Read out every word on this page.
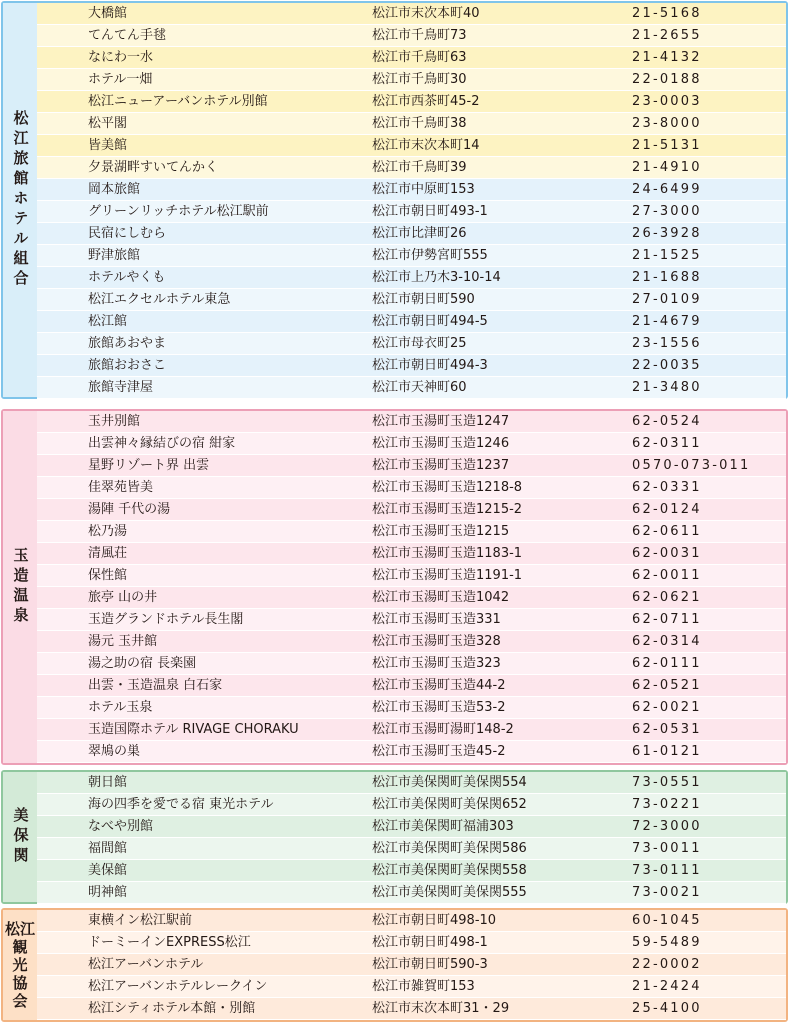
松江旅館ホテル組合
大橋館	松江市末次本町40	21-5168
てんてん手毬	松江市千鳥町73	21-2655
なにわ一水	松江市千鳥町63	21-4132
ホテル一畑	松江市千鳥町30	22-0188
松江ニューアーバンホテル別館	松江市西茶町45-2	23-0003
松平閣	松江市千鳥町38	23-8000
皆美館	松江市末次本町14	21-5131
夕景湖畔すいてんかく	松江市千鳥町39	21-4910
岡本旅館	松江市中原町153	24-6499
グリーンリッチホテル松江駅前	松江市朝日町493-1	27-3000
民宿にしむら	松江市比津町26	26-3928
野津旅館	松江市伊勢宮町555	21-1525
ホテルやくも	松江市上乃木3-10-14	21-1688
松江エクセルホテル東急	松江市朝日町590	27-0109
松江館	松江市朝日町494-5	21-4679
旅館あおやま	松江市母衣町25	23-1556
旅館おおさこ	松江市朝日町494-3	22-0035
旅館寺津屋	松江市天神町60	21-3480
玉造温泉
玉井別館	松江市玉湯町玉造1247	62-0524
出雲神々縁結びの宿 紺家	松江市玉湯町玉造1246	62-0311
星野リゾート界 出雲	松江市玉湯町玉造1237	0570-073-011
佳翠苑皆美	松江市玉湯町玉造1218-8	62-0331
湯陣 千代の湯	松江市玉湯町玉造1215-2	62-0124
松乃湯	松江市玉湯町玉造1215	62-0611
清風荘	松江市玉湯町玉造1183-1	62-0031
保性館	松江市玉湯町玉造1191-1	62-0011
旅亭 山の井	松江市玉湯町玉造1042	62-0621
玉造グランドホテル長生閣	松江市玉湯町玉造331	62-0711
湯元 玉井館	松江市玉湯町玉造328	62-0314
湯之助の宿 長楽園	松江市玉湯町玉造323	62-0111
出雲・玉造温泉 白石家	松江市玉湯町玉造44-2	62-0521
ホテル玉泉	松江市玉湯町玉造53-2	62-0021
玉造国際ホテル RIVAGE CHORAKU	松江市玉湯町湯町148-2	62-0531
翠鳩の巣	松江市玉湯町玉造45-2	61-0121
美保関
朝日館	松江市美保関町美保関554	73-0551
海の四季を愛でる宿 東光ホテル	松江市美保関町美保関652	73-0221
なべや別館	松江市美保関町福浦303	72-3000
福間館	松江市美保関町美保関586	73-0011
美保館	松江市美保関町美保関558	73-0111
明神館	松江市美保関町美保関555	73-0021
松江
観
光
協
会
東横イン松江駅前	松江市朝日町498-10	60-1045
ドーミーインEXPRESS松江	松江市朝日町498-1	59-5489
松江アーバンホテル	松江市朝日町590-3	22-0002
松江アーバンホテルレークイン	松江市雑賀町153	21-2424
松江シティホテル本館・別館	松江市末次本町31・29	25-4100
